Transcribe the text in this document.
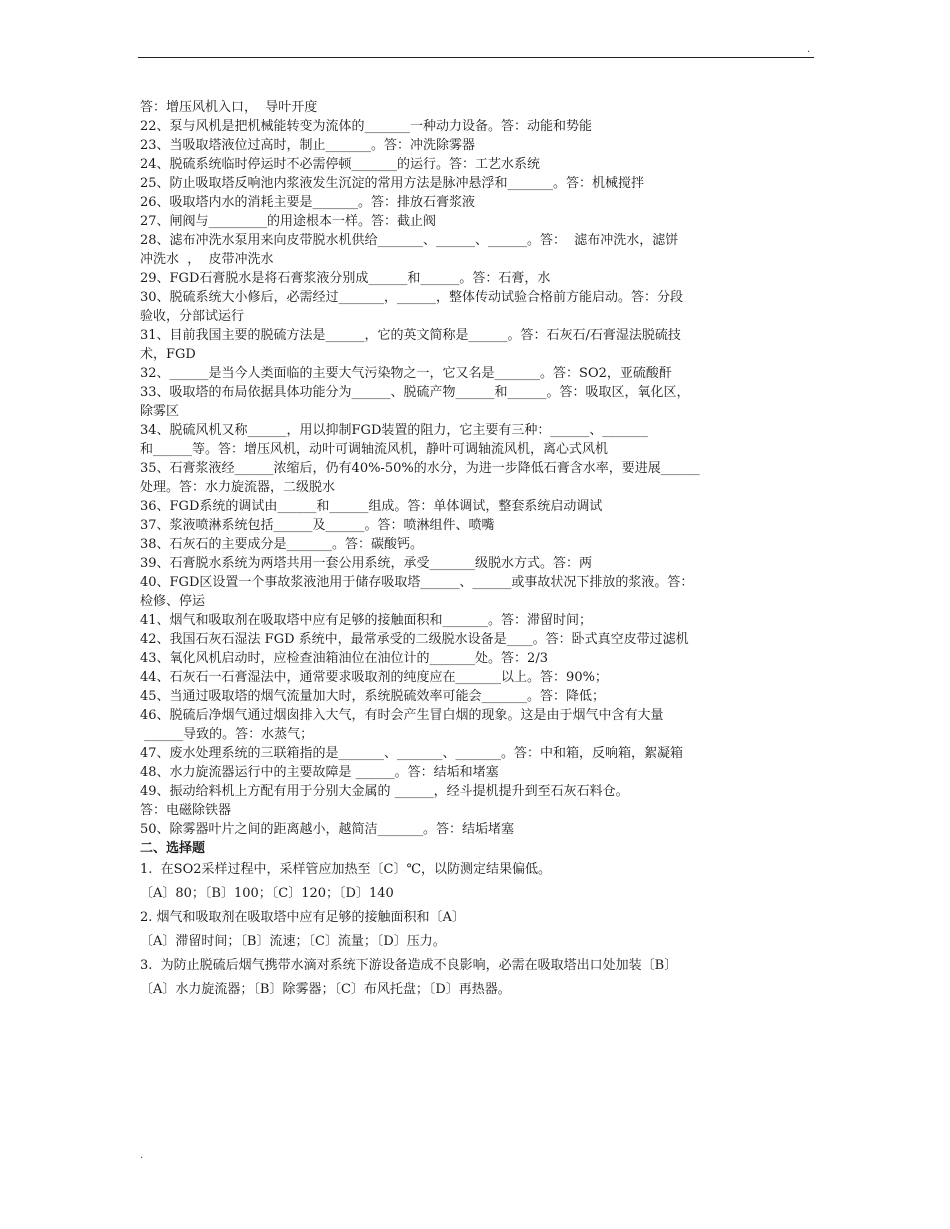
.
答：增压风机入口，  导叶开度
22、泵与风机是把机械能转变为流体的_______一种动力设备。答：动能和势能
23、当吸取塔液位过高时，制止_______。答：冲洗除雾器
24、脱硫系统临时停运时不必需停顿_______的运行。答：工艺水系统
25、防止吸取塔反响池内浆液发生沉淀的常用方法是脉冲悬浮和_______。答：机械搅拌
26、吸取塔内水的消耗主要是_______。答：排放石膏浆液
27、闸阀与_________的用途根本一样。答：截止阀
28、滤布冲洗水泵用来向皮带脱水机供给_______、______、______。答：  滤布冲洗水，滤饼
冲洗水  ，  皮带冲洗水
29、FGD石膏脱水是将石膏浆液分别成______和______。答：石膏，水
30、脱硫系统大小修后，必需经过_______，______，整体传动试验合格前方能启动。答：分段
验收，分部试运行
31、目前我国主要的脱硫方法是______，它的英文简称是______。答：石灰石/石膏湿法脱硫技
术，FGD
32、______是当今人类面临的主要大气污染物之一，它又名是_______。答：SO2，亚硫酸酐
33、吸取塔的布局依据具体功能分为______、脱硫产物______和______。答：吸取区，氧化区，
除雾区
34、脱硫风机又称______，用以抑制FGD装置的阻力，它主要有三种：______、_______
和______等。答：增压风机，动叶可调轴流风机，静叶可调轴流风机，离心式风机
35、石膏浆液经______浓缩后，仍有40%-50%的水分，为进一步降低石膏含水率，要进展______
处理。答：水力旋流器，二级脱水
36、FGD系统的调试由______和______组成。答：单体调试，整套系统启动调试
37、浆液喷淋系统包括______及______。答：喷淋组件、喷嘴
38、石灰石的主要成分是_______。答：碳酸钙。
39、石膏脱水系统为两塔共用一套公用系统，承受_______级脱水方式。答：两
40、FGD区设置一个事故浆液池用于储存吸取塔______、______或事故状况下排放的浆液。答：
检修、停运
41、烟气和吸取剂在吸取塔中应有足够的接触面积和_______。答：滞留时间；
42、我国石灰石湿法 FGD 系统中，最常承受的二级脱水设备是____。答：卧式真空皮带过滤机
43、氧化风机启动时，应检查油箱油位在油位计的_______处。答：2/3
44、石灰石一石膏湿法中，通常要求吸取剂的纯度应在_______以上。答：90%；
45、当通过吸取塔的烟气流量加大时，系统脱硫效率可能会_______。答：降低；
46、脱硫后净烟气通过烟囱排入大气，有时会产生冒白烟的现象。这是由于烟气中含有大量
______导致的。答：水蒸气；
47、废水处理系统的三联箱指的是_______、_______、_______。答：中和箱，反响箱，絮凝箱
48、水力旋流器运行中的主要故障是 ______。答：结垢和堵塞
49、振动给料机上方配有用于分别大金属的 ______，经斗提机提升到至石灰石料仓。
答：电磁除铁器
50、除雾器叶片之间的距离越小，越简洁_______。答：结垢堵塞
二、选择题
1.  在SO2采样过程中，采样管应加热至〔C〕℃，以防测定结果偏低。
〔A〕80；〔B〕100；〔C〕120；〔D〕140
2. 烟气和吸取剂在吸取塔中应有足够的接触面积和〔A〕
〔A〕滞留时间；〔B〕流速；〔C〕流量；〔D〕压力。
3.  为防止脱硫后烟气携带水滴对系统下游设备造成不良影响，必需在吸取塔出口处加装〔B〕
〔A〕水力旋流器；〔B〕除雾器；〔C〕布风托盘；〔D〕再热器。
.
